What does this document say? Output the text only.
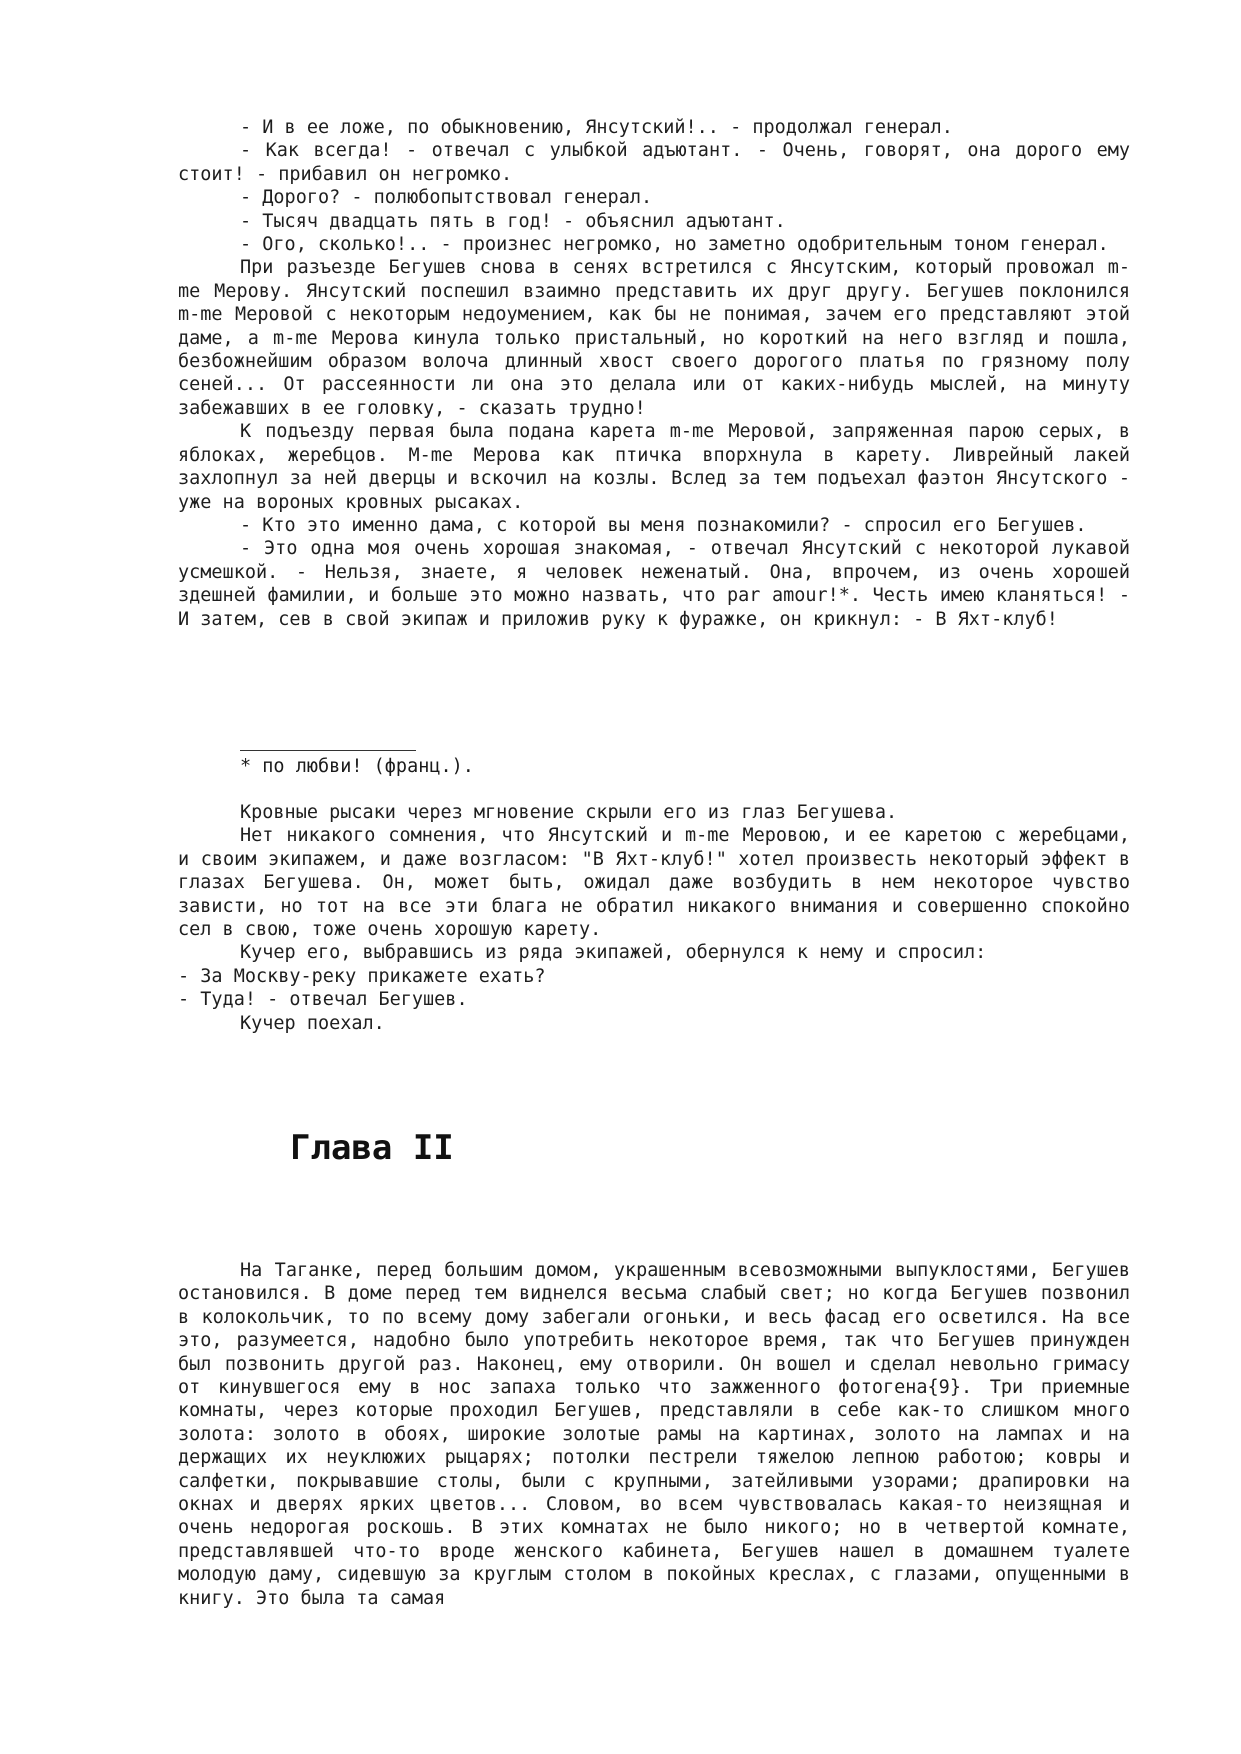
- И в ее ложе, по обыкновению, Янсутский!.. - продолжал генерал.

- Как всегда! - отвечал с улыбкой адъютант. - Очень, говорят, она дорого ему стоит! - прибавил он негромко.

- Дорого? - полюбопытствовал генерал.

- Тысяч двадцать пять в год! - объяснил адъютант.

- Ого, сколько!.. - произнес негромко, но заметно одобрительным тоном генерал.

При разъезде Бегушев снова в сенях встретился с Янсутским, который провожал m-me Мерову. Янсутский поспешил взаимно представить их друг другу. Бегушев поклонился m-me Меровой с некоторым недоумением, как бы не понимая, зачем его представляют этой даме, а m-me Мерова кинула только пристальный, но короткий на него взгляд и пошла, безбожнейшим образом волоча длинный хвост своего дорогого платья по грязному полу сеней... От рассеянности ли она это делала или от каких-нибудь мыслей, на минуту забежавших в ее головку, - сказать трудно!

К подъезду первая была подана карета m-me Меровой, запряженная парою серых, в яблоках, жеребцов. M-me Мерова как птичка впорхнула в карету. Ливрейный лакей захлопнул за ней дверцы и вскочил на козлы. Вслед за тем подъехал фаэтон Янсутского - уже на вороных кровных рысаках.

- Кто это именно дама, с которой вы меня познакомили? - спросил его Бегушев.

- Это одна моя очень хорошая знакомая, - отвечал Янсутский с некоторой лукавой усмешкой. - Нельзя, знаете, я человек неженатый. Она, впрочем, из очень хорошей здешней фамилии, и больше это можно назвать, что par amour!*. Честь имею кланяться! - И затем, сев в свой экипаж и приложив руку к фуражке, он крикнул: - В Яхт-клуб!

* по любви! (франц.).

Кровные рысаки через мгновение скрыли его из глаз Бегушева.

Нет никакого сомнения, что Янсутский и m-me Меровою, и ее каретою с жеребцами, и своим экипажем, и даже возгласом: "В Яхт-клуб!" хотел произвесть некоторый эффект в глазах Бегушева. Он, может быть, ожидал даже возбудить в нем некоторое чувство зависти, но тот на все эти блага не обратил никакого внимания и совершенно спокойно сел в свою, тоже очень хорошую карету.

Кучер его, выбравшись из ряда экипажей, обернулся к нему и спросил:

- За Москву-реку прикажете ехать?

- Туда! - отвечал Бегушев.

Кучер поехал.

Глава II

На Таганке, перед большим домом, украшенным всевозможными выпуклостями, Бегушев остановился. В доме перед тем виднелся весьма слабый свет; но когда Бегушев позвонил в колокольчик, то по всему дому забегали огоньки, и весь фасад его осветился. На все это, разумеется, надобно было употребить некоторое время, так что Бегушев принужден был позвонить другой раз. Наконец, ему отворили. Он вошел и сделал невольно гримасу от кинувшегося ему в нос запаха только что зажженного фотогена{9}. Три приемные комнаты, через которые проходил Бегушев, представляли в себе как-то слишком много золота: золото в обоях, широкие золотые рамы на картинах, золото на лампах и на держащих их неуклюжих рыцарях; потолки пестрели тяжелою лепною работою; ковры и салфетки, покрывавшие столы, были с крупными, затейливыми узорами; драпировки на окнах и дверях ярких цветов... Словом, во всем чувствовалась какая-то неизящная и очень недорогая роскошь. В этих комнатах не было никого; но в четвертой комнате, представлявшей что-то вроде женского кабинета, Бегушев нашел в домашнем туалете молодую даму, сидевшую за круглым столом в покойных креслах, с глазами, опущенными в книгу. Это была та самая
